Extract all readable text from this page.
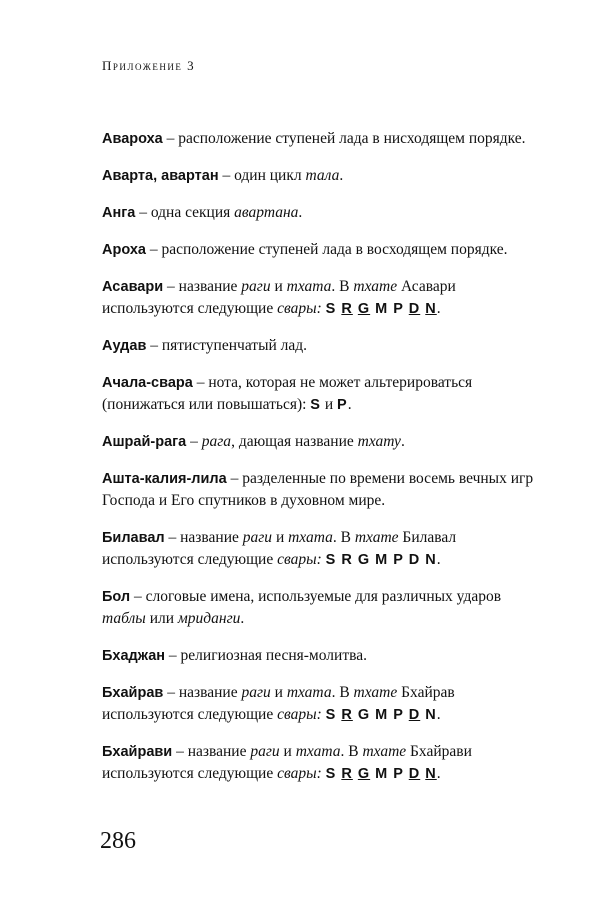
Приложение 3

Авароха – расположение ступеней лада в нисходящем порядке.

Аварта, авартан – один цикл тала.

Анга – одна секция авартана.

Ароха – расположение ступеней лада в восходящем порядке.

Асавари – название раги и тхата. В тхате Асавари
используются следующие свары: S R G M P D N.

Аудав – пятиступенчатый лад.

Ачала-свара – нота, которая не может альтерироваться
(понижаться или повышаться): S и P.

Ашрай-рага – рага, дающая название тхату.

Ашта-калия-лила – разделенные по времени восемь вечных игр
Господа и Его спутников в духовном мире.
Билавал – название раги и тхата. В тхате Билавал
используются следующие свары: S R G M P D N.
Бол – слоговые имена, используемые для различных ударов
таблы или мриданги.

Бхаджан – религиозная песня-молитва.

Бхайрав – название раги и тхата. В тхате Бхайрав
используются следующие свары: S R G M P D N.
Бхайрави – название раги и тхата. В тхате Бхайрави
используются следующие свары: S R G M P D N.
286
